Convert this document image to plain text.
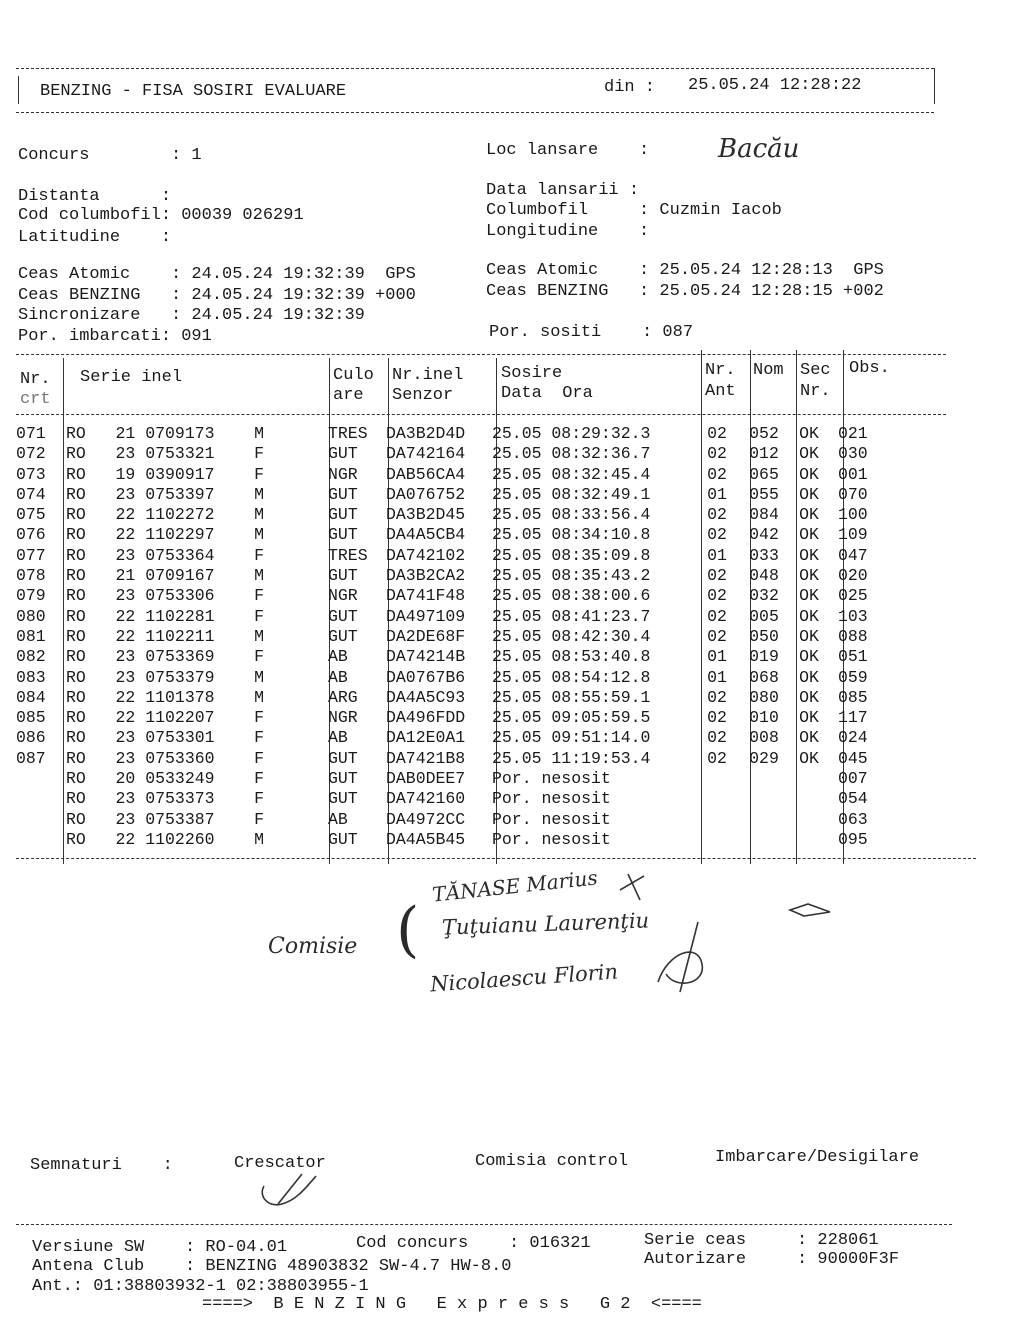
BENZING - FISA SOSIRI EVALUARE	din : 25.05.24 12:28:22
Concurs        : 1
Distanta      :
Cod columbofil: 00039 026291
Latitudine    :
Ceas Atomic    : 24.05.24 19:32:39  GPS
Ceas BENZING   : 24.05.24 19:32:39 +000
Sincronizare   : 24.05.24 19:32:39
Por. imbarcati: 091
Loc lansare    :	Bacău
Data lansarii :
Columbofil     : Cuzmin Iacob
Longitudine    :
Ceas Atomic    : 25.05.24 12:28:13  GPS
Ceas BENZING   : 25.05.24 12:28:15 +002
Por. sositi    : 087
Nr.
crt
Serie inel	Culo
are
Nr.inel
Senzor
Sosire
Data  Ora
Nr.
Ant
Nom Sec
Nr.
Obs.
071	RO   21 0709173    M	TRES	DA3B2D4D	25.05 08:29:32.3	02	052	OK	021
072	RO   23 0753321    F	GUT	DA742164	25.05 08:32:36.7	02	012	OK	030
073	RO   19 0390917    F	NGR	DAB56CA4	25.05 08:32:45.4	02	065	OK	001
074	RO   23 0753397    M	GUT	DA076752	25.05 08:32:49.1	01	055	OK	070
075	RO   22 1102272    M	GUT	DA3B2D45	25.05 08:33:56.4	02	084	OK	100
076	RO   22 1102297    M	GUT	DA4A5CB4	25.05 08:34:10.8	02	042	OK	109
077	RO   23 0753364    F	TRES	DA742102	25.05 08:35:09.8	01	033	OK	047
078	RO   21 0709167    M	GUT	DA3B2CA2	25.05 08:35:43.2	02	048	OK	020
079	RO   23 0753306    F	NGR	DA741F48	25.05 08:38:00.6	02	032	OK	025
080	RO   22 1102281    F	GUT	DA497109	25.05 08:41:23.7	02	005	OK	103
081	RO   22 1102211    M	GUT	DA2DE68F	25.05 08:42:30.4	02	050	OK	088
082	RO   23 0753369    F	AB	DA74214B	25.05 08:53:40.8	01	019	OK	051
083	RO   23 0753379    M	AB	DA0767B6	25.05 08:54:12.8	01	068	OK	059
084	RO   22 1101378    M	ARG	DA4A5C93	25.05 08:55:59.1	02	080	OK	085
085	RO   22 1102207    F	NGR	DA496FDD	25.05 09:05:59.5	02	010	OK	117
086	RO   23 0753301    F	AB	DA12E0A1	25.05 09:51:14.0	02	008	OK	024
087	RO   23 0753360    F	GUT	DA7421B8	25.05 11:19:53.4	02	029	OK	045
	RO   20 0533249    F	GUT	DAB0DEE7	Por. nesosit				007
	RO   23 0753373    F	GUT	DA742160	Por. nesosit				054
	RO   23 0753387    F	AB	DA4972CC	Por. nesosit				063
	RO   22 1102260    M	GUT	DA4A5B45	Por. nesosit				095
Comisie (
TĂNASE Marius
Ţuţuianu Laurenţiu
Nicolaescu Florin
Semnaturi    :	Crescator	Comisia control	Imbarcare/Desigilare
Versiune SW    : RO-04.01	Cod concurs    : 016321	Serie ceas     : 228061
Antena Club    : BENZING 48903832 SW-4.7 HW-8.0	Autorizare     : 90000F3F
Ant.: 01:38803932-1 02:38803955-1
====>  B E N Z I N G   E x p r e s s   G 2  <====
